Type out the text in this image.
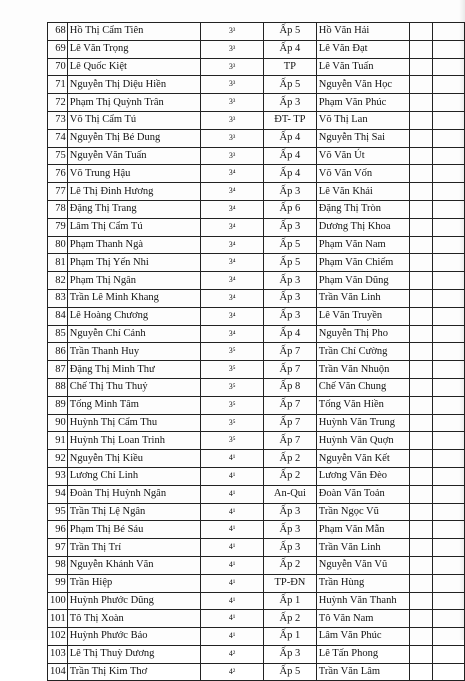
68	Hồ Thị Cẩm Tiên	3³	Ấp 5	Hồ Văn Hải		
69	Lê Văn Trọng	3³	Ấp 4	Lê Văn Đạt		
70	Lê Quốc Kiệt	3³	TP	Lê Văn Tuấn		
71	Nguyễn Thị Diệu Hiền	3³	Ấp 5	Nguyễn Văn Học		
72	Phạm Thị Quỳnh Trân	3³	Ấp 3	Phạm Văn Phúc		
73	Võ Thị Cẩm Tú	3³	ĐT- TP	Võ Thị Lan		
74	Nguyễn Thị Bé Dung	3³	Ấp 4	Nguyễn Thị Sai		
75	Nguyễn Văn Tuấn	3³	Ấp 4	Võ Văn Út		
76	Võ Trung Hậu	3⁴	Ấp 4	Võ Văn Vốn		
77	Lê Thị Đinh Hương	3⁴	Ấp 3	Lê Văn Khải		
78	Đặng Thị Trang	3⁴	Ấp 6	Đặng Thị Tròn		
79	Lâm Thị Cẩm Tú	3⁴	Ấp 3	Dương Thị Khoa		
80	Phạm Thanh Ngà	3⁴	Ấp 5	Phạm Văn Nam		
81	Phạm Thị Yến Nhi	3⁴	Ấp 5	Phạm Văn Chiếm		
82	Phạm Thị Ngân	3⁴	Ấp 3	Phạm Văn Dũng		
83	Trần Lê Minh Khang	3⁴	Ấp 3	Trần Văn Linh		
84	Lê Hoàng Chương	3⁴	Ấp 3	Lê Văn Truyền		
85	Nguyễn Chí Cảnh	3⁴	Ấp 4	Nguyễn Thị Pho		
86	Trần Thanh Huy	3⁵	Ấp 7	Trần Chí Cường		
87	Đặng Thị Minh Thư	3⁵	Ấp 7	Trần Văn Nhuộn		
88	Chế Thị Thu Thuỷ	3⁵	Ấp 8	Chế Văn Chung		
89	Tống Minh Tâm	3⁵	Ấp 7	Tống Văn Hiền		
90	Huỳnh Thị Cẩm Thu	3⁵	Ấp 7	Huỳnh Văn Trung		
91	Huỳnh Thị Loan Trinh	3⁵	Ấp 7	Huỳnh Văn Quợn		
92	Nguyễn Thị Kiều	4¹	Ấp 2	Nguyễn Văn Kết		
93	Lương Chí Linh	4¹	Ấp 2	Lương Văn Đèo		
94	Đoàn Thị Huỳnh Ngân	4¹	An-Qui	Đoàn Văn Toản		
95	Trần Thị Lệ Ngân	4¹	Ấp 3	Trần Ngọc Vũ		
96	Phạm Thị Bé Sáu	4¹	Ấp 3	Phạm Văn Mẫn		
97	Trần Thị Trí	4¹	Ấp 3	Trần Văn Linh		
98	Nguyễn Khánh Văn	4¹	Ấp 2	Nguyễn Văn Vũ		
99	Trần Hiệp	4¹	TP-ĐN	Trần Hùng		
100	Huỳnh Phước Dũng	4¹	Ấp 1	Huỳnh Văn Thanh		
101	Tô Thị Xoàn	4¹	Ấp 2	Tô Văn Nam		
102	Huỳnh Phước Bảo	4¹	Ấp 1	Lâm Văn Phúc		
103	Lê Thị Thuỳ Dương	4²	Ấp 3	Lê Tấn Phong		
104	Trần Thị Kim Thơ	4²	Ấp 5	Trần Văn Lâm		
